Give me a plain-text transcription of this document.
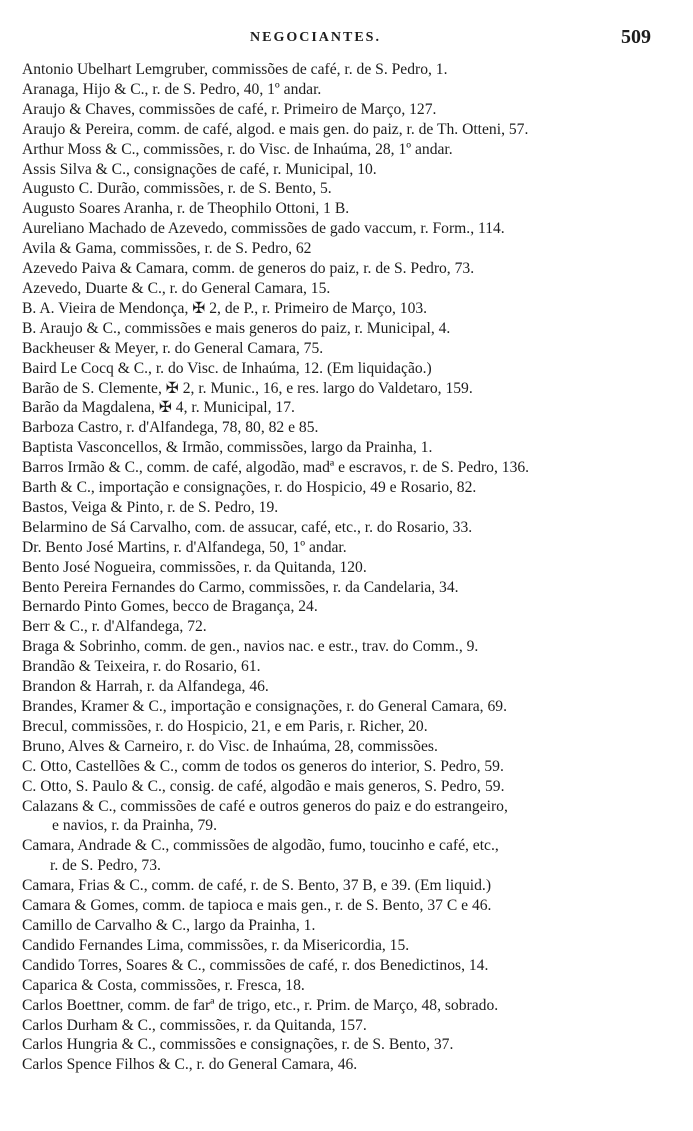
NEGOCIANTES.	509
Antonio Ubelhart Lemgruber, commissões de café, r. de S. Pedro, 1.
Aranaga, Hijo & C., r. de S. Pedro, 40, 1º andar.
Araujo & Chaves, commissões de café, r. Primeiro de Março, 127.
Araujo & Pereira, comm. de café, algod. e mais gen. do paiz, r. de Th. Otteni, 57.
Arthur Moss & C., commissões, r. do Visc. de Inhaúma, 28, 1º andar.
Assis Silva & C., consignações de café, r. Municipal, 10.
Augusto C. Durão, commissões, r. de S. Bento, 5.
Augusto Soares Aranha, r. de Theophilo Ottoni, 1 B.
Aureliano Machado de Azevedo, commissões de gado vaccum, r. Form., 114.
Avila & Gama, commissões, r. de S. Pedro, 62
Azevedo Paiva & Camara, comm. de generos do paiz, r. de S. Pedro, 73.
Azevedo, Duarte & C., r. do General Camara, 15.
B. A. Vieira de Mendonça, ✠ 2, de P., r. Primeiro de Março, 103.
B. Araujo & C., commissões e mais generos do paiz, r. Municipal, 4.
Backheuser & Meyer, r. do General Camara, 75.
Baird Le Cocq & C., r. do Visc. de Inhaúma, 12. (Em liquidação.)
Barão de S. Clemente, ✠ 2, r. Munic., 16, e res. largo do Valdetaro, 159.
Barão da Magdalena, ✠ 4, r. Municipal, 17.
Barboza Castro, r. d'Alfandega, 78, 80, 82 e 85.
Baptista Vasconcellos, & Irmão, commissões, largo da Prainha, 1.
Barros Irmão & C., comm. de café, algodão, madª e escravos, r. de S. Pedro, 136.
Barth & C., importação e consignações, r. do Hospicio, 49 e Rosario, 82.
Bastos, Veiga & Pinto, r. de S. Pedro, 19.
Belarmino de Sá Carvalho, com. de assucar, café, etc., r. do Rosario, 33.
Dr. Bento José Martins, r. d'Alfandega, 50, 1º andar.
Bento José Nogueira, commissões, r. da Quitanda, 120.
Bento Pereira Fernandes do Carmo, commissões, r. da Candelaria, 34.
Bernardo Pinto Gomes, becco de Bragança, 24.
Berr & C., r. d'Alfandega, 72.
Braga & Sobrinho, comm. de gen., navios nac. e estr., trav. do Comm., 9.
Brandão & Teixeira, r. do Rosario, 61.
Brandon & Harrah, r. da Alfandega, 46.
Brandes, Kramer & C., importação e consignações, r. do General Camara, 69.
Brecul, commissões, r. do Hospicio, 21, e em Paris, r. Richer, 20.
Bruno, Alves & Carneiro, r. do Visc. de Inhaúma, 28, commissões.
C. Otto, Castellões & C., comm de todos os generos do interior, S. Pedro, 59.
C. Otto, S. Paulo & C., consig. de café, algodão e mais generos, S. Pedro, 59.
Calazans & C., commissões de café e outros generos do paiz e do estrangeiro,
e navios, r. da Prainha, 79.
Camara, Andrade & C., commissões de algodão, fumo, toucinho e café, etc.,
r. de S. Pedro, 73.
Camara, Frias & C., comm. de café, r. de S. Bento, 37 B, e 39. (Em liquid.)
Camara & Gomes, comm. de tapioca e mais gen., r. de S. Bento, 37 C e 46.
Camillo de Carvalho & C., largo da Prainha, 1.
Candido Fernandes Lima, commissões, r. da Misericordia, 15.
Candido Torres, Soares & C., commissões de café, r. dos Benedictinos, 14.
Caparica & Costa, commissões, r. Fresca, 18.
Carlos Boettner, comm. de farª de trigo, etc., r. Prim. de Março, 48, sobrado.
Carlos Durham & C., commissões, r. da Quitanda, 157.
Carlos Hungria & C., commissões e consignações, r. de S. Bento, 37.
Carlos Spence Filhos & C., r. do General Camara, 46.
